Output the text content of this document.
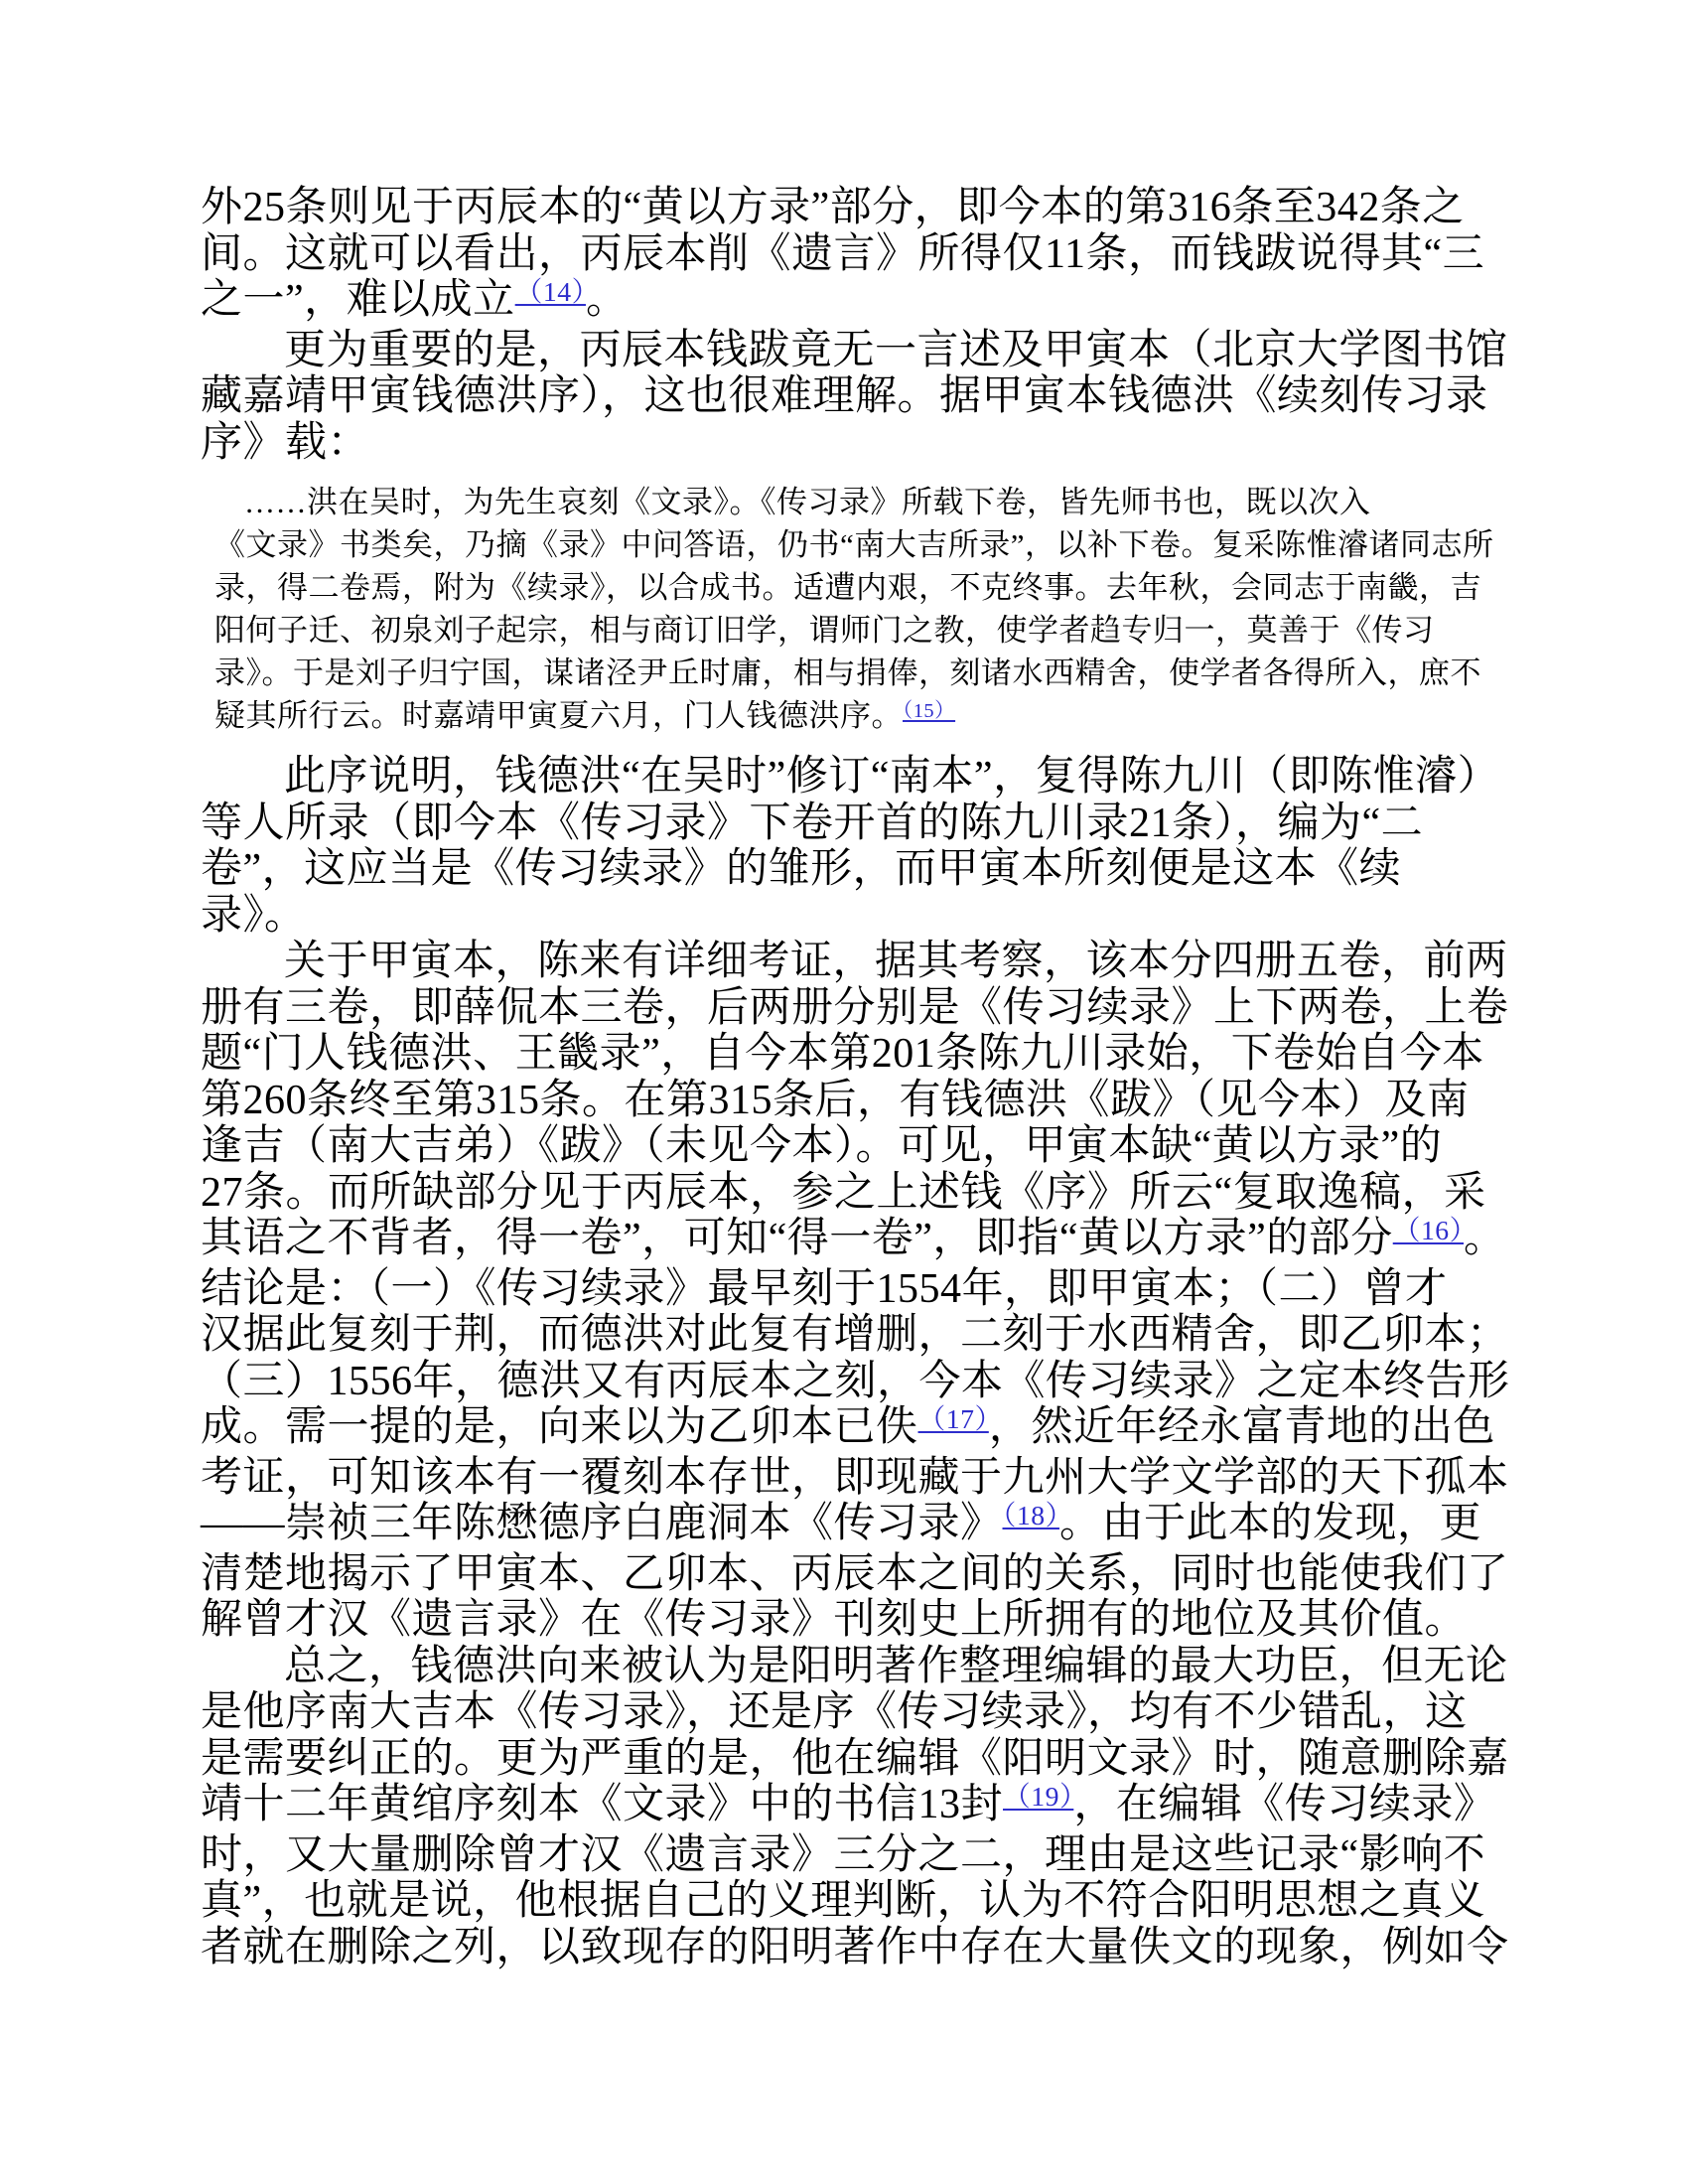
外25条则见于丙辰本的“黄以方录”部分，即今本的第316条至342条之
间。这就可以看出，丙辰本削《遗言》所得仅11条，而钱跋说得其“三
之一”，难以成立$^{(14)}$。
更为重要的是，丙辰本钱跋竟无一言述及甲寅本（北京大学图书馆
藏嘉靖甲寅钱德洪序），这也很难理解。据甲寅本钱德洪《续刻传习录
序》载：
……洪在吴时，为先生哀刻《文录》。《传习录》所载下卷，皆先师书也，既以次入
《文录》书类矣，乃摘《录》中问答语，仍书“南大吉所录”，以补下卷。复采陈惟濬诸同志所
录，得二卷焉，附为《续录》，以合成书。适遭内艰，不克终事。去年秋，会同志于南畿，吉
阳何子迁、初泉刘子起宗，相与商订旧学，谓师门之教，使学者趋专归一，莫善于《传习
录》。于是刘子归宁国，谋诸泾尹丘时庸，相与捐俸，刻诸水西精舍，使学者各得所入，庶不
疑其所行云。时嘉靖甲寅夏六月，门人钱德洪序。$^{(15)}$
此序说明，钱德洪“在吴时”修订“南本”，复得陈九川（即陈惟濬）
等人所录（即今本《传习录》下卷开首的陈九川录21条），编为“二
卷”，这应当是《传习续录》的雏形，而甲寅本所刻便是这本《续
录》。
关于甲寅本，陈来有详细考证，据其考察，该本分四册五卷，前两
册有三卷，即薛侃本三卷，后两册分别是《传习续录》上下两卷，上卷
题“门人钱德洪、王畿录”，自今本第201条陈九川录始，下卷始自今本
第260条终至第315条。在第315条后，有钱德洪《跋》（见今本）及南
逢吉（南大吉弟）《跋》（未见今本）。可见，甲寅本缺“黄以方录”的
27条。而所缺部分见于丙辰本，参之上述钱《序》所云“复取逸稿，采
其语之不背者，得一卷”，可知“得一卷”，即指“黄以方录”的部分$^{(16)}$。
结论是：（一）《传习续录》最早刻于1554年，即甲寅本；（二）曾才
汉据此复刻于荆，而德洪对此复有增删，二刻于水西精舍，即乙卯本；
（三）1556年，德洪又有丙辰本之刻，今本《传习续录》之定本终告形
成。需一提的是，向来以为乙卯本已佚$^{(17)}$，然近年经永富青地的出色
考证，可知该本有一覆刻本存世，即现藏于九州大学文学部的天下孤本
——崇祯三年陈懋德序白鹿洞本《传习录》$^{(18)}$。由于此本的发现，更
清楚地揭示了甲寅本、乙卯本、丙辰本之间的关系，同时也能使我们了
解曾才汉《遗言录》在《传习录》刊刻史上所拥有的地位及其价值。
总之，钱德洪向来被认为是阳明著作整理编辑的最大功臣，但无论
是他序南大吉本《传习录》，还是序《传习续录》，均有不少错乱，这
是需要纠正的。更为严重的是，他在编辑《阳明文录》时，随意删除嘉
靖十二年黄绾序刻本《文录》中的书信13封$^{(19)}$，在编辑《传习续录》
时，又大量删除曾才汉《遗言录》三分之二，理由是这些记录“影响不
真”，也就是说，他根据自己的义理判断，认为不符合阳明思想之真义
者就在删除之列，以致现存的阳明著作中存在大量佚文的现象，例如令
